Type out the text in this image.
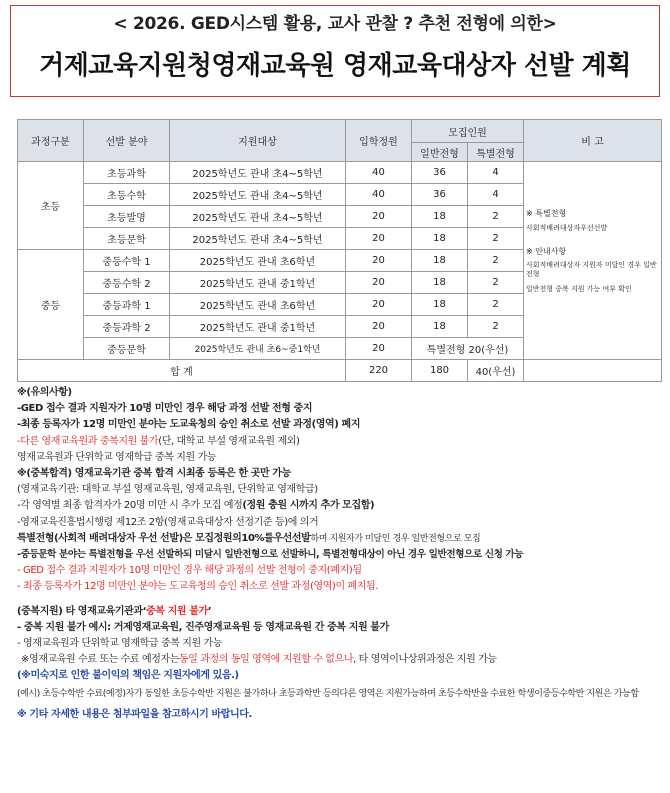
< 2026. GED시스템 활용, 교사 관찰 ? 추천 전형에 의한>
거제교육지원청영재교육원 영재교육대상자 선발 계획
과정구분	선발 분야	지원대상	입학정원	모집인원		비 고
				일반전형	특별전형	
초등	초등과학	2025학년도 관내 초4~5학년	40	36	4	※ 특별전형
사회적배려대상자우선선발
※ 안내사항
사회적배려대상자 지원자 미달인 경우 일반전형
일반전형 중복 지원 가능 여부 확인

	초등수학	2025학년도 관내 초4~5학년	40	36	4	
	초등발명	2025학년도 관내 초4~5학년	20	18	2	
	초등문학	2025학년도 관내 초4~5학년	20	18	2	
중등	중등수학 1	2025학년도 관내 초6학년	20	18	2	
	중등수학 2	2025학년도 관내 중1학년	20	18	2	
	중등과학 1	2025학년도 관내 초6학년	20	18	2	
	중등과학 2	2025학년도 관내 중1학년	20	18	2	
	중등문학	2025학년도 관내 초6~중1학년	20	특별전형 20(우선)		
합 계			220	180	40(우선)	
※(유의사항)
-GED 접수 결과 지원자가 10명 미만인 경우 해당 과정 선발 전형 중지
-최종 등록자가 12명 미만인 분야는 도교육청의 승인 취소로 선발 과정(영역) 폐지
-다른 영재교육원과 중복지원 불가(단, 대학교 부설 영재교육원 제외)
영재교육원과 단위학교 영재학급 중복 지원 가능
※(중복합격) 영재교육기관 중복 합격 시최종 등록은 한 곳만 가능
(영재교육기관: 대학교 부설 영재교육원, 영재교육원, 단위학교 영재학급)
-각 영역별 최종 합격자가 20명 미만 시 추가 모집 예정(정원 충원 시까지 추가 모집함)
-영재교육진흥법시행령 제12조 2항(영재교육대상자 선정기준 등)에 의거
특별전형(사회적 배려대상자 우선 선발)은 모집정원의10%를우선선발하며 지원자가 미달인 경우 일반전형으로 모집
-중등문학 분야는 특별전형을 우선 선발하되 미달시 일반전형으로 선발하니, 특별전형대상이 아닌 경우 일반전형으로 신청 가능
- GED 접수 결과 지원자가 10명 미만인 경우 해당 과정의 선발 전형이 중지(폐지)됨
- 최종 등록자가 12명 미만인 분야는 도교육청의 승인 취소로 선발 과정(영역)이 폐지됨.
(중복지원) 타 영재교육기관과‘중복 지원 불가’
- 중복 지원 불가 예시: 거제영재교육원, 진주영재교육원 등 영재교육원 간 중복 지원 불가
- 영재교육원과 단위학교 영재학급 중복 지원 가능
※영재교육원 수료 또는 수료 예정자는동일 과정의 동일 영역에 지원할 수 없으나, 타 영역이나상위과정은 지원 가능
(※미숙지로 인한 불이익의 책임은 지원자에게 있음.)
(예시) 초등수학반 수료(예정)자가 동일한 초등수학반 지원은 불가하나 초등과학반 등의다른 영역은 지원가능하며 초등수학반을 수료한 학생이중등수학반 지원은 가능함
※ 기타 자세한 내용은 첨부파일을 참고하시기 바랍니다.
